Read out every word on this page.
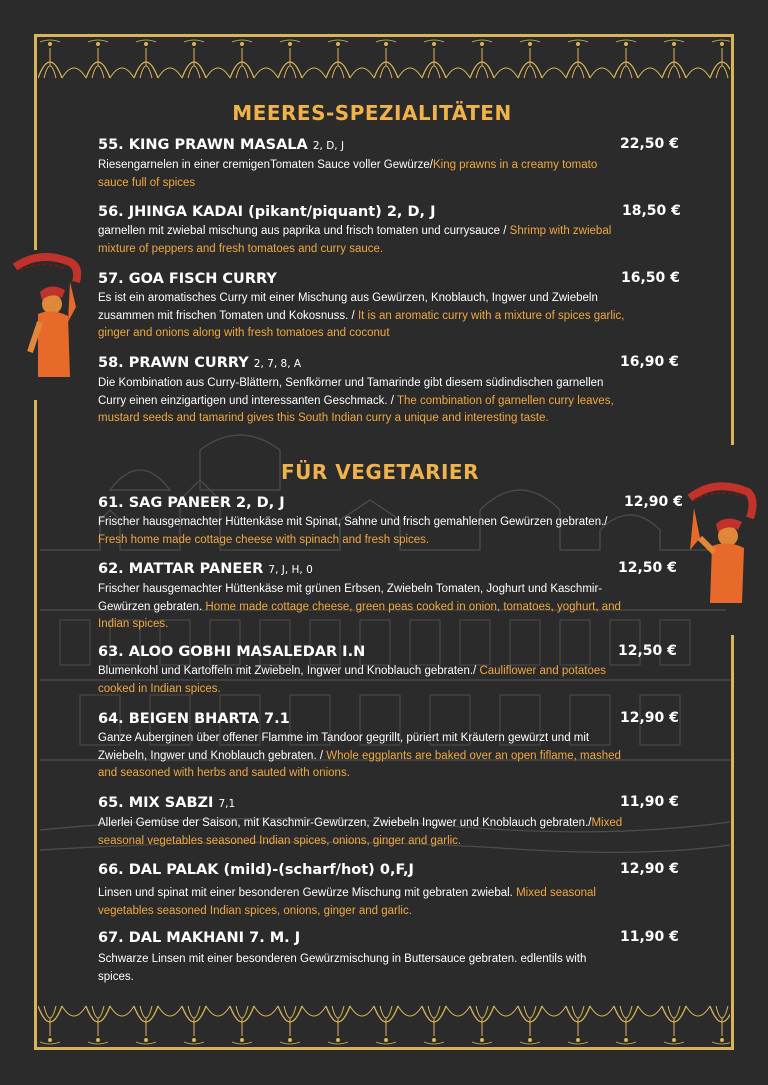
MEERES-SPEZIALITÄTEN
55. KING PRAWN MASALA 2, D, J	22,50 €
Riesengarnelen in einer cremigenTomaten Sauce voller Gewürze/King prawns in a creamy tomato sauce full of spices
56. JHINGA KADAI (pikant/piquant) 2, D, J	18,50 €
garnellen mit zwiebal mischung aus paprika und frisch tomaten und currysauce / Shrimp with zwiebal mixture of peppers and fresh tomatoes and curry sauce.
57. GOA FISCH CURRY	16,50 €
Es ist ein aromatisches Curry mit einer Mischung aus Gewürzen, Knoblauch, Ingwer und Zwiebeln zusammen mit frischen Tomaten und Kokosnuss. / It is an aromatic curry with a mixture of spices garlic, ginger and onions along with fresh tomatoes and coconut
58. PRAWN CURRY 2, 7, 8, A	16,90 €
Die Kombination aus Curry-Blättern, Senfkörner und Tamarinde gibt diesem südindischen garnellen Curry einen einzigartigen und interessanten Geschmack. / The combination of garnellen curry leaves, mustard seeds and tamarind gives this South Indian curry a unique and interesting taste.
FÜR VEGETARIER
61. SAG PANEER 2, D, J	12,90 €
Frischer hausgemachter Hüttenkäse mit Spinat, Sahne und frisch gemahlenen Gewürzen gebraten./ Fresh home made cottage cheese with spinach and fresh spices.
62. MATTAR PANEER 7, J, H, 0	12,50 €
Frischer hausgemachter Hüttenkäse mit grünen Erbsen, Zwiebeln Tomaten, Joghurt und Kaschmir-Gewürzen gebraten. Home made cottage cheese, green peas cooked in onion, tomatoes, yoghurt, and Indian spices.
63. ALOO GOBHI MASALEDAR I.N	12,50 €
Blumenkohl und Kartoffeln mit Zwiebeln, Ingwer und Knoblauch gebraten./ Cauliflower and potatoes cooked in Indian spices.
64. BEIGEN BHARTA 7.1	12,90 €
Ganze Auberginen über offener Flamme im Tandoor gegrillt, püriert mit Kräutern gewürzt und mit Zwiebeln, Ingwer und Knoblauch gebraten. / Whole eggplants are baked over an open fiflame, mashed and seasoned with herbs and sauted with onions.
65. MIX SABZI 7,1	11,90 €
Allerlei Gemüse der Saison, mit Kaschmir-Gewürzen, Zwiebeln Ingwer und Knoblauch gebraten./Mixed seasonal vegetables seasoned Indian spices, onions, ginger and garlic.
66. DAL PALAK (mild)-(scharf/hot) 0,F,J	12,90 €
Linsen und spinat mit einer besonderen Gewürze Mischung mit gebraten zwiebal. Mixed seasonal vegetables seasoned Indian spices, onions, ginger and garlic.
67. DAL MAKHANI 7. M. J	11,90 €
Schwarze Linsen mit einer besonderen Gewürzmischung in Buttersauce gebraten. edlentils with spices.
